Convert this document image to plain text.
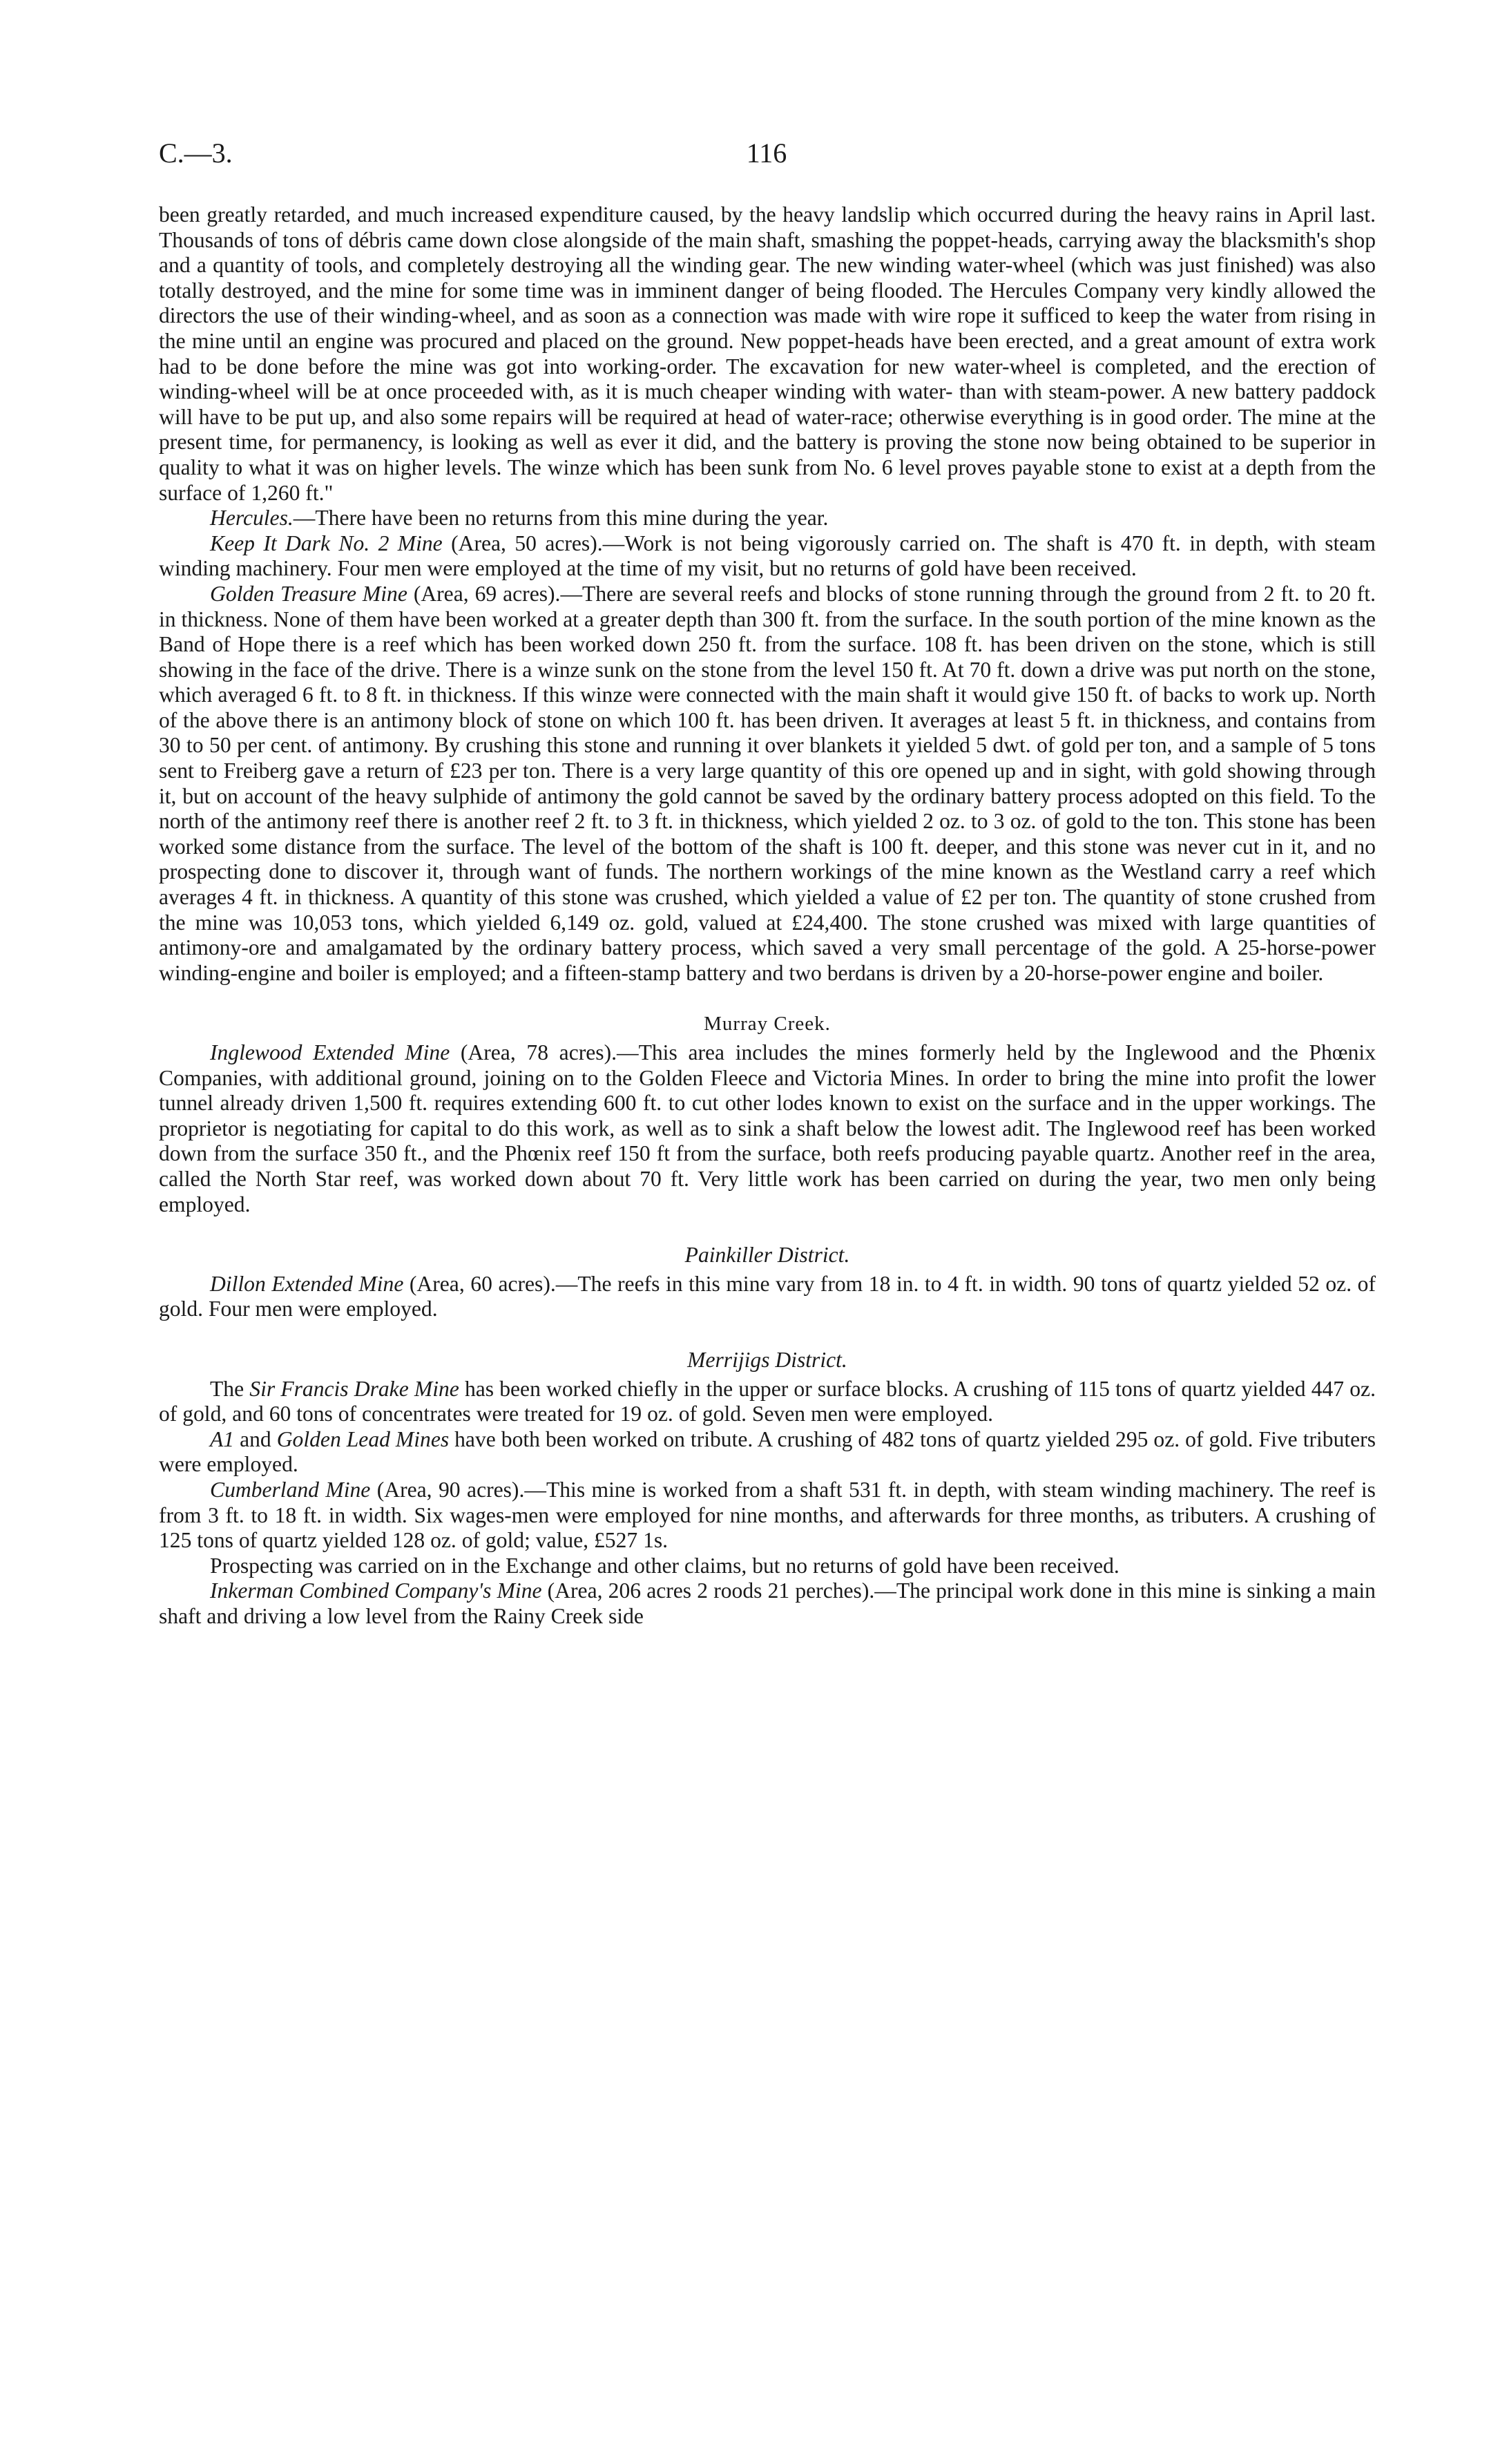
C.—3.	116

been greatly retarded, and much increased expenditure caused, by the heavy landslip which occurred during the heavy rains in April last. Thousands of tons of débris came down close alongside of the main shaft, smashing the poppet-heads, carrying away the blacksmith's shop and a quantity of tools, and completely destroying all the winding gear. The new winding water-wheel (which was just finished) was also totally destroyed, and the mine for some time was in imminent danger of being flooded. The Hercules Company very kindly allowed the directors the use of their winding-wheel, and as soon as a connection was made with wire rope it sufficed to keep the water from rising in the mine until an engine was procured and placed on the ground. New poppet-heads have been erected, and a great amount of extra work had to be done before the mine was got into working-order. The excavation for new water-wheel is completed, and the erection of winding-wheel will be at once proceeded with, as it is much cheaper winding with water- than with steam-power. A new battery paddock will have to be put up, and also some repairs will be required at head of water-race; otherwise everything is in good order. The mine at the present time, for permanency, is looking as well as ever it did, and the battery is proving the stone now being obtained to be superior in quality to what it was on higher levels. The winze which has been sunk from No. 6 level proves payable stone to exist at a depth from the surface of 1,260 ft."

Hercules.—There have been no returns from this mine during the year.

Keep It Dark No. 2 Mine (Area, 50 acres).—Work is not being vigorously carried on. The shaft is 470 ft. in depth, with steam winding machinery. Four men were employed at the time of my visit, but no returns of gold have been received.

Golden Treasure Mine (Area, 69 acres).—There are several reefs and blocks of stone running through the ground from 2 ft. to 20 ft. in thickness. None of them have been worked at a greater depth than 300 ft. from the surface. In the south portion of the mine known as the Band of Hope there is a reef which has been worked down 250 ft. from the surface. 108 ft. has been driven on the stone, which is still showing in the face of the drive. There is a winze sunk on the stone from the level 150 ft. At 70 ft. down a drive was put north on the stone, which averaged 6 ft. to 8 ft. in thickness. If this winze were connected with the main shaft it would give 150 ft. of backs to work up. North of the above there is an antimony block of stone on which 100 ft. has been driven. It averages at least 5 ft. in thickness, and contains from 30 to 50 per cent. of antimony. By crushing this stone and running it over blankets it yielded 5 dwt. of gold per ton, and a sample of 5 tons sent to Freiberg gave a return of £23 per ton. There is a very large quantity of this ore opened up and in sight, with gold showing through it, but on account of the heavy sulphide of antimony the gold cannot be saved by the ordinary battery process adopted on this field. To the north of the antimony reef there is another reef 2 ft. to 3 ft. in thickness, which yielded 2 oz. to 3 oz. of gold to the ton. This stone has been worked some distance from the surface. The level of the bottom of the shaft is 100 ft. deeper, and this stone was never cut in it, and no prospecting done to discover it, through want of funds. The northern workings of the mine known as the Westland carry a reef which averages 4 ft. in thickness. A quantity of this stone was crushed, which yielded a value of £2 per ton. The quantity of stone crushed from the mine was 10,053 tons, which yielded 6,149 oz. gold, valued at £24,400. The stone crushed was mixed with large quantities of antimony-ore and amalgamated by the ordinary battery process, which saved a very small percentage of the gold. A 25-horse-power winding-engine and boiler is employed; and a fifteen-stamp battery and two berdans is driven by a 20-horse-power engine and boiler.

Murray Creek.

Inglewood Extended Mine (Area, 78 acres).—This area includes the mines formerly held by the Inglewood and the Phœnix Companies, with additional ground, joining on to the Golden Fleece and Victoria Mines. In order to bring the mine into profit the lower tunnel already driven 1,500 ft. requires extending 600 ft. to cut other lodes known to exist on the surface and in the upper workings. The proprietor is negotiating for capital to do this work, as well as to sink a shaft below the lowest adit. The Inglewood reef has been worked down from the surface 350 ft., and the Phœnix reef 150 ft from the surface, both reefs producing payable quartz. Another reef in the area, called the North Star reef, was worked down about 70 ft. Very little work has been carried on during the year, two men only being employed.

Painkiller District.

Dillon Extended Mine (Area, 60 acres).—The reefs in this mine vary from 18 in. to 4 ft. in width. 90 tons of quartz yielded 52 oz. of gold. Four men were employed.

Merrijigs District.

The Sir Francis Drake Mine has been worked chiefly in the upper or surface blocks. A crushing of 115 tons of quartz yielded 447 oz. of gold, and 60 tons of concentrates were treated for 19 oz. of gold. Seven men were employed.

A1 and Golden Lead Mines have both been worked on tribute. A crushing of 482 tons of quartz yielded 295 oz. of gold. Five tributers were employed.

Cumberland Mine (Area, 90 acres).—This mine is worked from a shaft 531 ft. in depth, with steam winding machinery. The reef is from 3 ft. to 18 ft. in width. Six wages-men were employed for nine months, and afterwards for three months, as tributers. A crushing of 125 tons of quartz yielded 128 oz. of gold; value, £527 1s.

Prospecting was carried on in the Exchange and other claims, but no returns of gold have been received.

Inkerman Combined Company's Mine (Area, 206 acres 2 roods 21 perches).—The principal work done in this mine is sinking a main shaft and driving a low level from the Rainy Creek side
